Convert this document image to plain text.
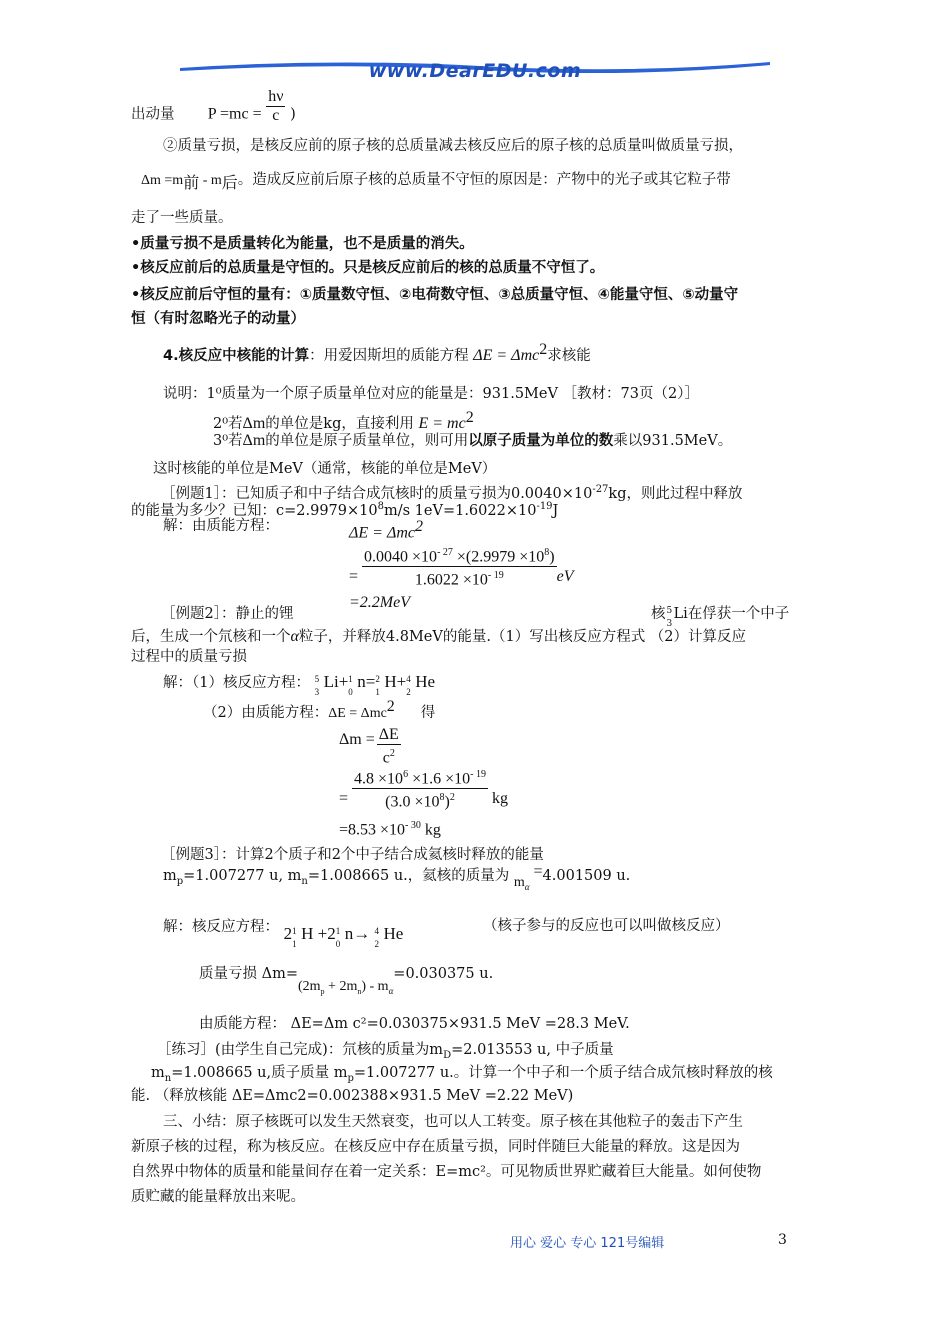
www.DearEDU.com
出动量 $P =mc = \frac{h\nu}{c}$ )
②质量亏损，是核反应前的原子核的总质量减去核反应后的原子核的总质量叫做质量亏损，
$\Delta m =m_前 - m_后$。造成反应前后原子核的总质量不守恒的原因是：产物中的光子或其它粒子带
走了一些质量。
•质量亏损不是质量转化为能量，也不是质量的消失。
•核反应前后的总质量是守恒的。只是核反应前后的核的总质量不守恒了。
•核反应前后守恒的量有：①质量数守恒、②电荷数守恒、③总质量守恒、④能量守恒、⑤动量守
恒（有时忽略光子的动量）
4.核反应中核能的计算：用爱因斯坦的质能方程 ΔE = Δmc$^2$求核能
说明：1⁰质量为一个原子质量单位对应的能量是：931.5MeV ［教材：73页（2）］
2⁰若Δm的单位是kg，直接利用 $E = mc^2$
3⁰若Δm的单位是原子质量单位，则可用以原子质量为单位的数乘以931.5MeV。
这时核能的单位是MeV（通常，核能的单位是MeV）
［例题1］：已知质子和中子结合成氘核时的质量亏损为$0.0040\times 10^{-27}kg$，则此过程中释放
的能量为多少？已知：$c=2.9979\times 10^8m/s$ $1eV=1.6022\times 10^{-19}J$
解：由质能方程：	ΔE = Δmc$^2$
= $\frac{0.0040 \times 10^{- 27} \times(2.9979 \times 10^8)}{1.6022 \times 10^{- 19}}$ eV
=2.2MeV
［例题2］：静止的锂	核 5
3
Li在俘获一个中子
后，生成一个氘核和一个α粒子，并释放4.8MeV的能量.（1）写出核反应方程式 （2）计算反应
过程中的质量亏损
解：（1）核反应方程： 5
3
Li+ 1
0
n= 2
1
H+ 4
2
He
（2）由质能方程：ΔE = Δmc$^2$ 得
$\Delta m = \frac{\Delta E}{c^2}$
= $\frac{4.8 \times 10^6 \times 1.6 \times 10^{- 19}}{(3.0 \times 10^8)^2}$ kg
$=8.53 \times 10^{- 30}$ kg
［例题3］：计算2个质子和2个中子结合成氦核时释放的能量
$m_p=1.007277$ u, $m_n=1.008665$ u.，氦核的质量为 $m_\alpha =4.001509$ u.
解：核反应方程： 2 1
1
H +2 1
0
n→ 4
2
He	（核子参与的反应也可以叫做核反应）
质量亏损 $\Delta m=(2m_p + 2m_n) - m_\alpha=0.030375$ u.
由质能方程： ΔE=Δm c²=0.030375×931.5 MeV =28.3 MeV.
［练习］(由学生自己完成)：氘核的质量为$m_D=2.013553$ u, 中子质量
$m_n=1.008665$ u,质子质量 $m_p=1.007277$ u.。计算一个中子和一个质子结合成氘核时释放的核
能. （释放核能 ΔE=Δmc2=0.002388×931.5 MeV =2.22 MeV)
三、小结：原子核既可以发生天然衰变，也可以人工转变。原子核在其他粒子的轰击下产生
新原子核的过程，称为核反应。在核反应中存在质量亏损，同时伴随巨大能量的释放。这是因为
自然界中物体的质量和能量间存在着一定关系：E=mc²。可见物质世界贮藏着巨大能量。如何使物
质贮藏的能量释放出来呢。
用心 爱心 专心 121号编辑	3
